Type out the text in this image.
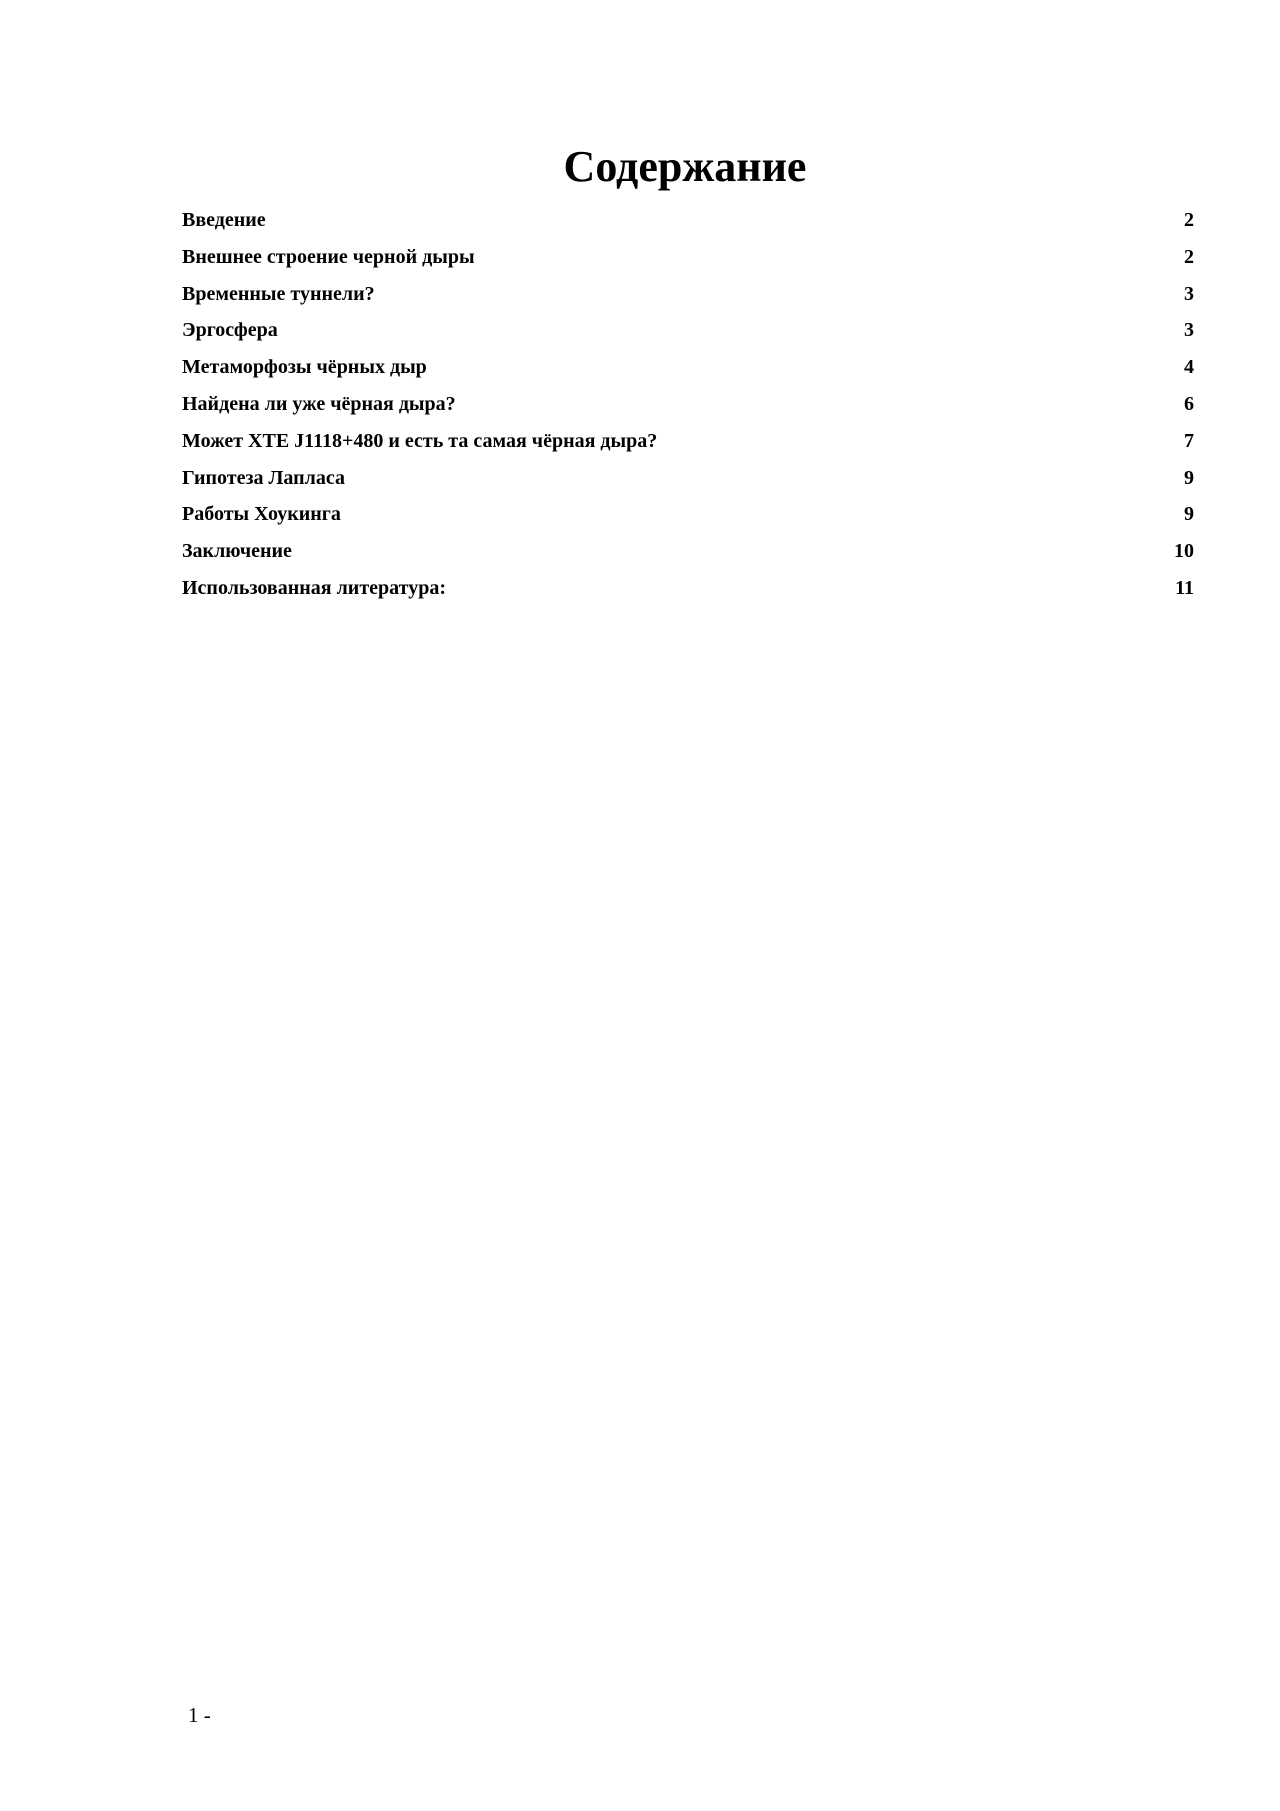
Содержание
Введение	2
Внешнее строение черной дыры	2
Временные туннели?	3
Эргосфера	3
Метаморфозы чёрных дыр	4
Найдена ли уже чёрная дыра?	6
Может XTE J1118+480 и есть та самая чёрная дыра?	7
Гипотеза Лапласа	9
Работы Хоукинга	9
Заключение	10
Использованная литература:	11
1 -
